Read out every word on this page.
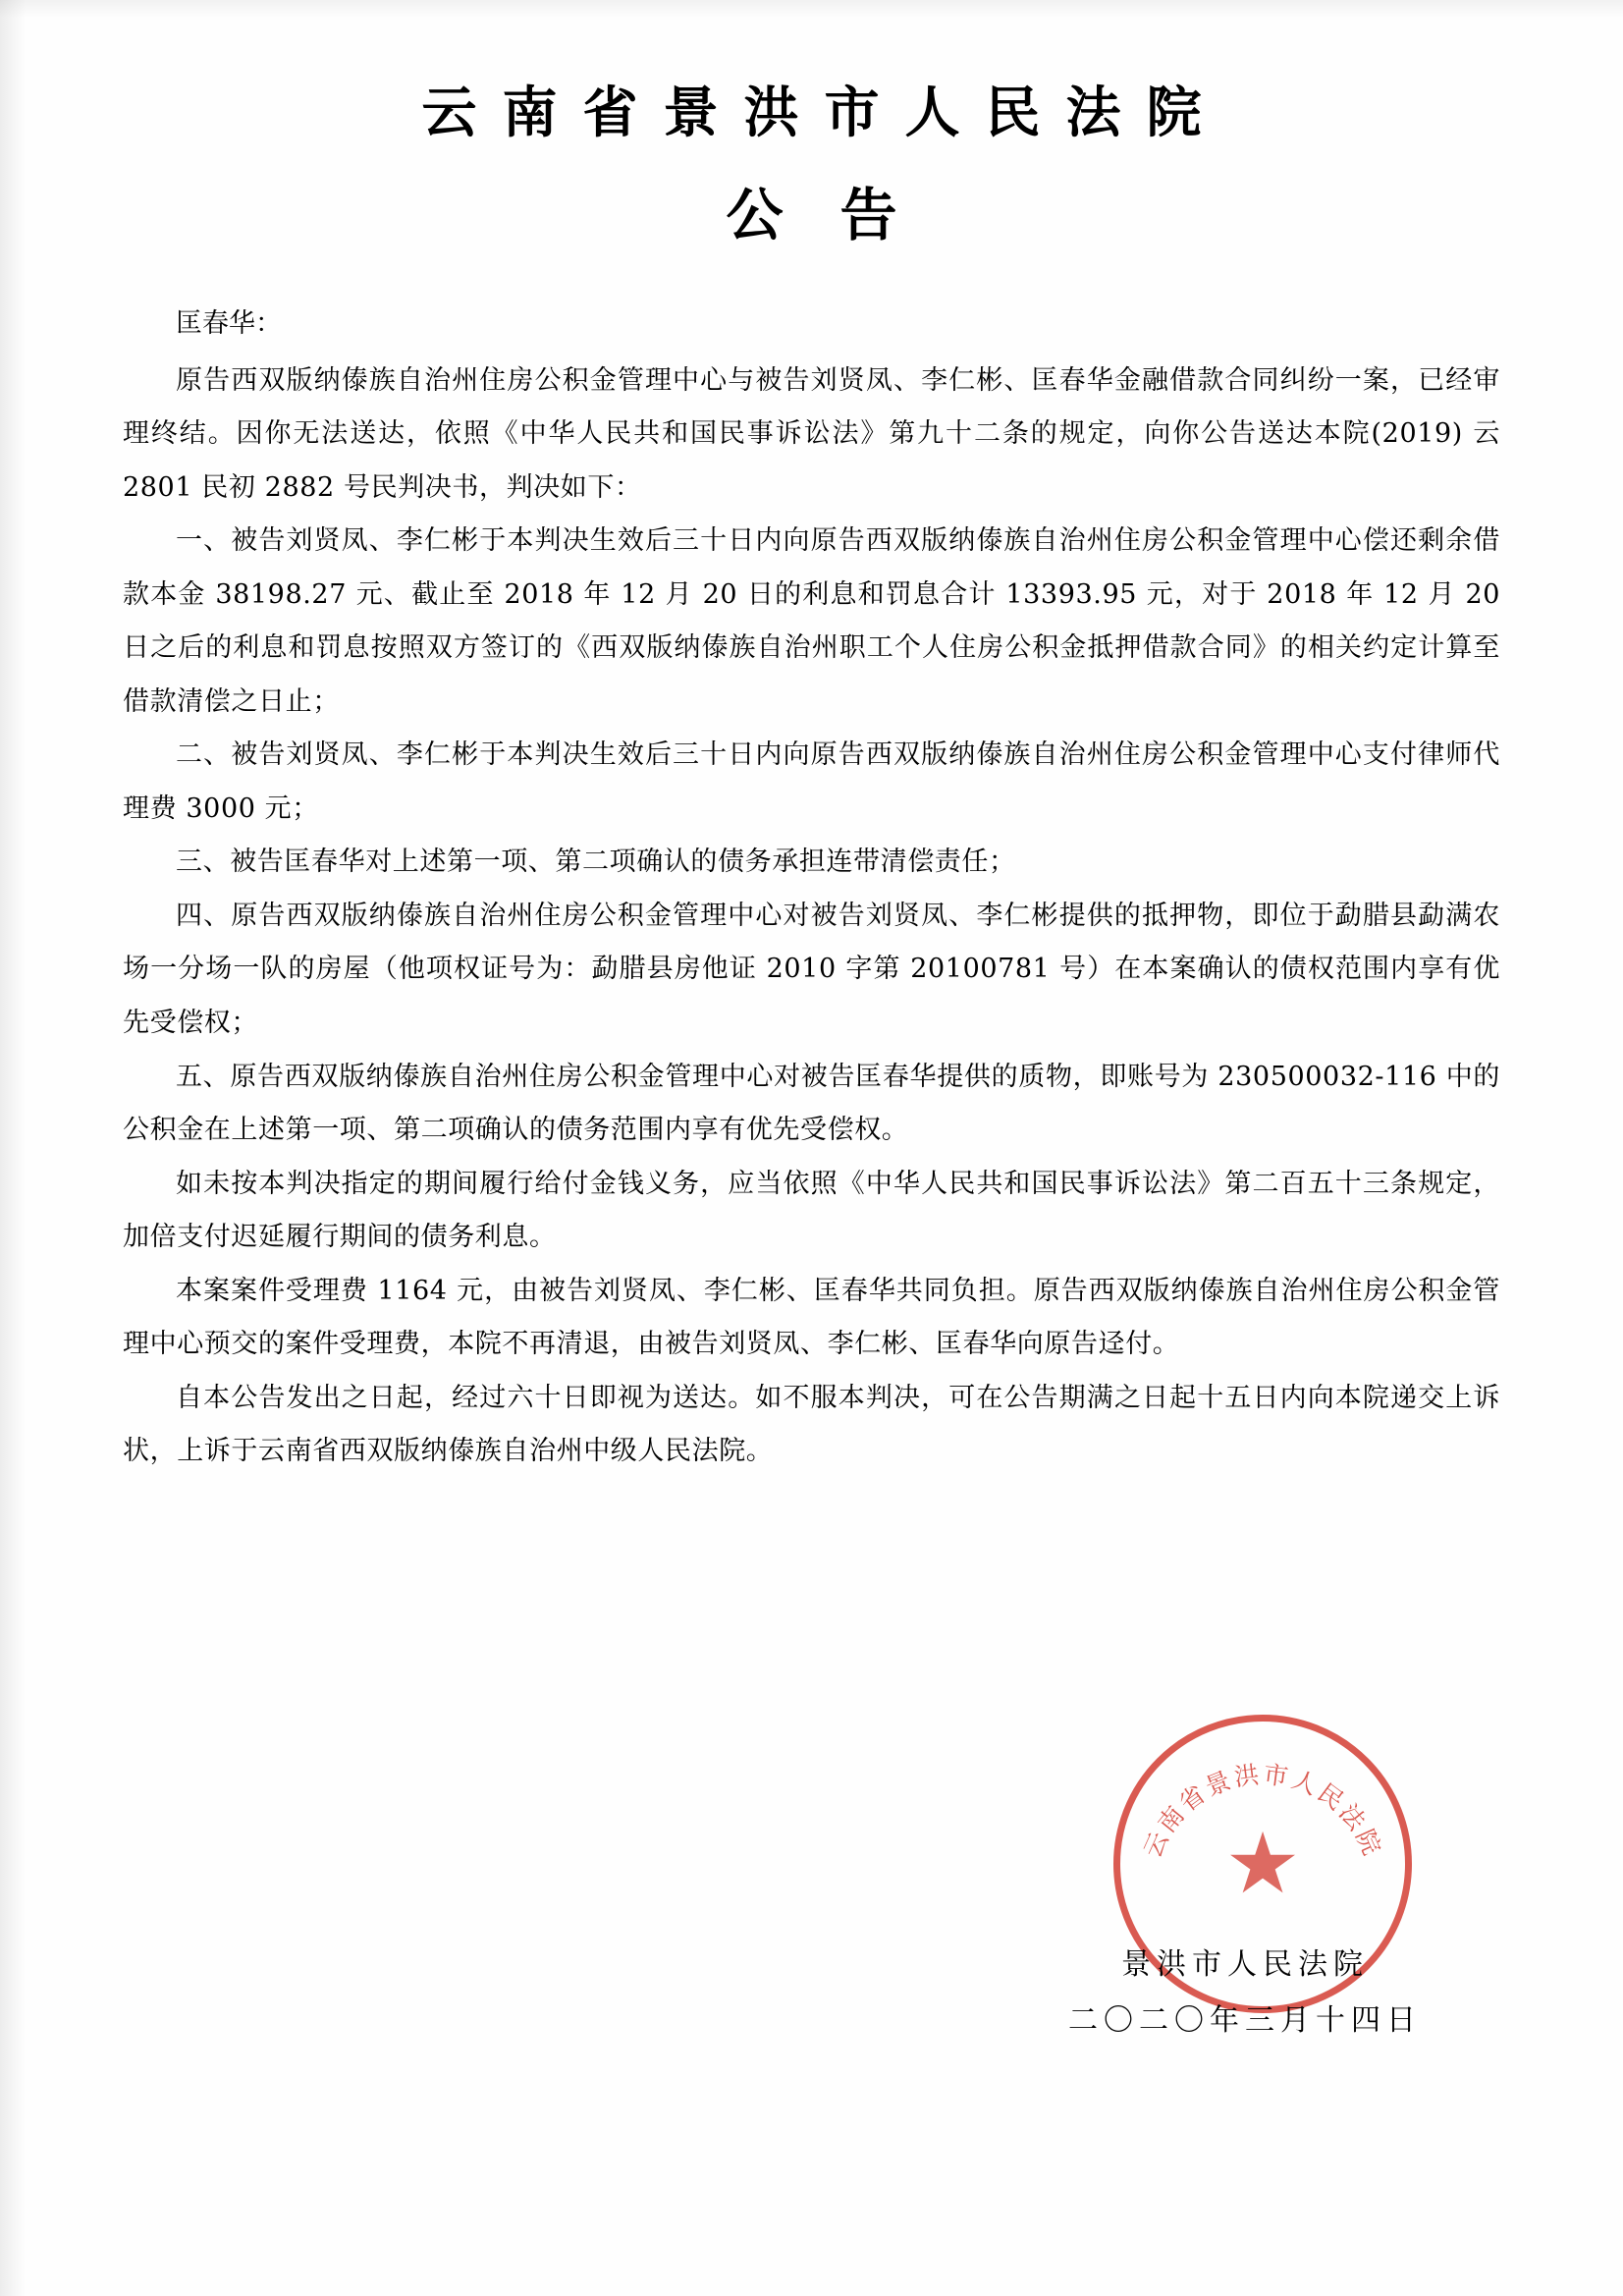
云南省景洪市人民法院
公告

匡春华：

原告西双版纳傣族自治州住房公积金管理中心与被告刘贤凤、李仁彬、匡春华金融借款合同纠纷一案，已经审理终结。因你无法送达，依照《中华人民共和国民事诉讼法》第九十二条的规定，向你公告送达本院(2019) 云 2801 民初 2882 号民判决书，判决如下：

一、被告刘贤凤、李仁彬于本判决生效后三十日内向原告西双版纳傣族自治州住房公积金管理中心偿还剩余借款本金 38198.27 元、截止至 2018 年 12 月 20 日的利息和罚息合计 13393.95 元，对于 2018 年 12 月 20 日之后的利息和罚息按照双方签订的《西双版纳傣族自治州职工个人住房公积金抵押借款合同》的相关约定计算至借款清偿之日止；

二、被告刘贤凤、李仁彬于本判决生效后三十日内向原告西双版纳傣族自治州住房公积金管理中心支付律师代理费 3000 元；

三、被告匡春华对上述第一项、第二项确认的债务承担连带清偿责任；

四、原告西双版纳傣族自治州住房公积金管理中心对被告刘贤凤、李仁彬提供的抵押物，即位于勐腊县勐满农场一分场一队的房屋（他项权证号为：勐腊县房他证 2010 字第 20100781 号）在本案确认的债权范围内享有优先受偿权；

五、原告西双版纳傣族自治州住房公积金管理中心对被告匡春华提供的质物，即账号为 230500032-116 中的公积金在上述第一项、第二项确认的债务范围内享有优先受偿权。

如未按本判决指定的期间履行给付金钱义务，应当依照《中华人民共和国民事诉讼法》第二百五十三条规定，加倍支付迟延履行期间的债务利息。

本案案件受理费 1164 元，由被告刘贤凤、李仁彬、匡春华共同负担。原告西双版纳傣族自治州住房公积金管理中心预交的案件受理费，本院不再清退，由被告刘贤凤、李仁彬、匡春华向原告迳付。

自本公告发出之日起，经过六十日即视为送达。如不服本判决，可在公告期满之日起十五日内向本院递交上诉状，上诉于云南省西双版纳傣族自治州中级人民法院。

云南省景洪市人民法院
★
景洪市人民法院
二〇二〇年三月十四日
